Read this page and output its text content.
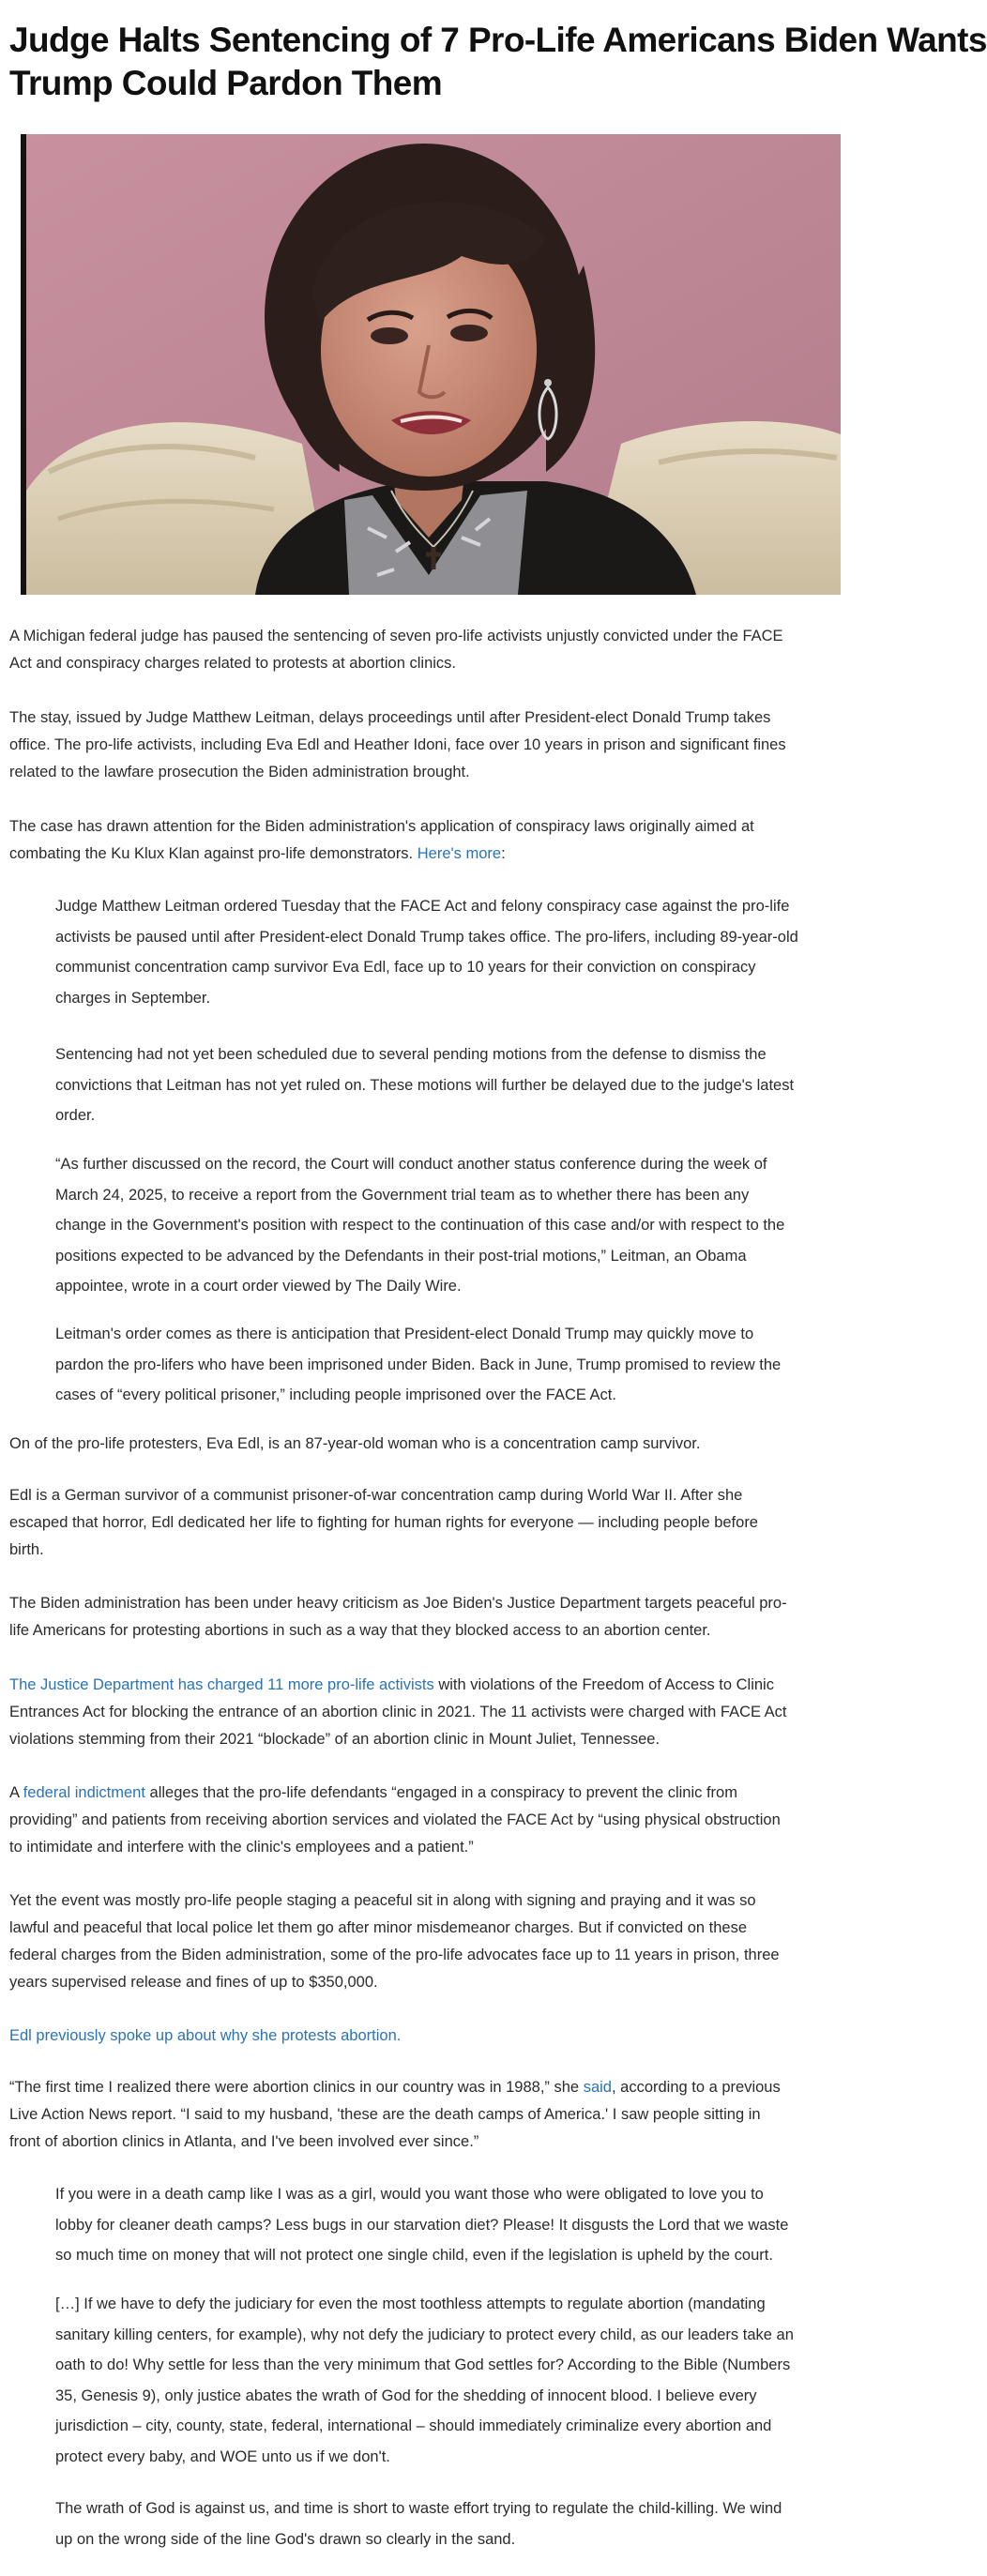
Judge Halts Sentencing of 7 Pro-Life Americans Biden Wants
Trump Could Pardon Them

A Michigan federal judge has paused the sentencing of seven pro-life activists unjustly convicted under the FACE
Act and conspiracy charges related to protests at abortion clinics.

The stay, issued by Judge Matthew Leitman, delays proceedings until after President-elect Donald Trump takes
office. The pro-life activists, including Eva Edl and Heather Idoni, face over 10 years in prison and significant fines
related to the lawfare prosecution the Biden administration brought.

The case has drawn attention for the Biden administration's application of conspiracy laws originally aimed at
combating the Ku Klux Klan against pro-life demonstrators. Here's more:

Judge Matthew Leitman ordered Tuesday that the FACE Act and felony conspiracy case against the pro-life
activists be paused until after President-elect Donald Trump takes office. The pro-lifers, including 89-year-old
communist concentration camp survivor Eva Edl, face up to 10 years for their conviction on conspiracy
charges in September.

Sentencing had not yet been scheduled due to several pending motions from the defense to dismiss the
convictions that Leitman has not yet ruled on. These motions will further be delayed due to the judge's latest
order.

“As further discussed on the record, the Court will conduct another status conference during the week of
March 24, 2025, to receive a report from the Government trial team as to whether there has been any
change in the Government's position with respect to the continuation of this case and/or with respect to the
positions expected to be advanced by the Defendants in their post-trial motions,” Leitman, an Obama
appointee, wrote in a court order viewed by The Daily Wire.

Leitman's order comes as there is anticipation that President-elect Donald Trump may quickly move to
pardon the pro-lifers who have been imprisoned under Biden. Back in June, Trump promised to review the
cases of “every political prisoner,” including people imprisoned over the FACE Act.

On of the pro-life protesters, Eva Edl, is an 87-year-old woman who is a concentration camp survivor.

Edl is a German survivor of a communist prisoner-of-war concentration camp during World War II. After she
escaped that horror, Edl dedicated her life to fighting for human rights for everyone — including people before
birth.

The Biden administration has been under heavy criticism as Joe Biden's Justice Department targets peaceful pro-
life Americans for protesting abortions in such as a way that they blocked access to an abortion center.

The Justice Department has charged 11 more pro-life activists with violations of the Freedom of Access to Clinic
Entrances Act for blocking the entrance of an abortion clinic in 2021. The 11 activists were charged with FACE Act
violations stemming from their 2021 “blockade” of an abortion clinic in Mount Juliet, Tennessee.

A federal indictment alleges that the pro-life defendants “engaged in a conspiracy to prevent the clinic from
providing” and patients from receiving abortion services and violated the FACE Act by “using physical obstruction
to intimidate and interfere with the clinic's employees and a patient.”

Yet the event was mostly pro-life people staging a peaceful sit in along with signing and praying and it was so
lawful and peaceful that local police let them go after minor misdemeanor charges. But if convicted on these
federal charges from the Biden administration, some of the pro-life advocates face up to 11 years in prison, three
years supervised release and fines of up to $350,000.

Edl previously spoke up about why she protests abortion.

“The first time I realized there were abortion clinics in our country was in 1988,” she said, according to a previous
Live Action News report. “I said to my husband, 'these are the death camps of America.' I saw people sitting in
front of abortion clinics in Atlanta, and I've been involved ever since.”

If you were in a death camp like I was as a girl, would you want those who were obligated to love you to
lobby for cleaner death camps? Less bugs in our starvation diet? Please! It disgusts the Lord that we waste
so much time on money that will not protect one single child, even if the legislation is upheld by the court.

[…] If we have to defy the judiciary for even the most toothless attempts to regulate abortion (mandating
sanitary killing centers, for example), why not defy the judiciary to protect every child, as our leaders take an
oath to do! Why settle for less than the very minimum that God settles for? According to the Bible (Numbers
35, Genesis 9), only justice abates the wrath of God for the shedding of innocent blood. I believe every
jurisdiction – city, county, state, federal, international – should immediately criminalize every abortion and
protect every baby, and WOE unto us if we don't.

The wrath of God is against us, and time is short to waste effort trying to regulate the child-killing. We wind
up on the wrong side of the line God's drawn so clearly in the sand.
